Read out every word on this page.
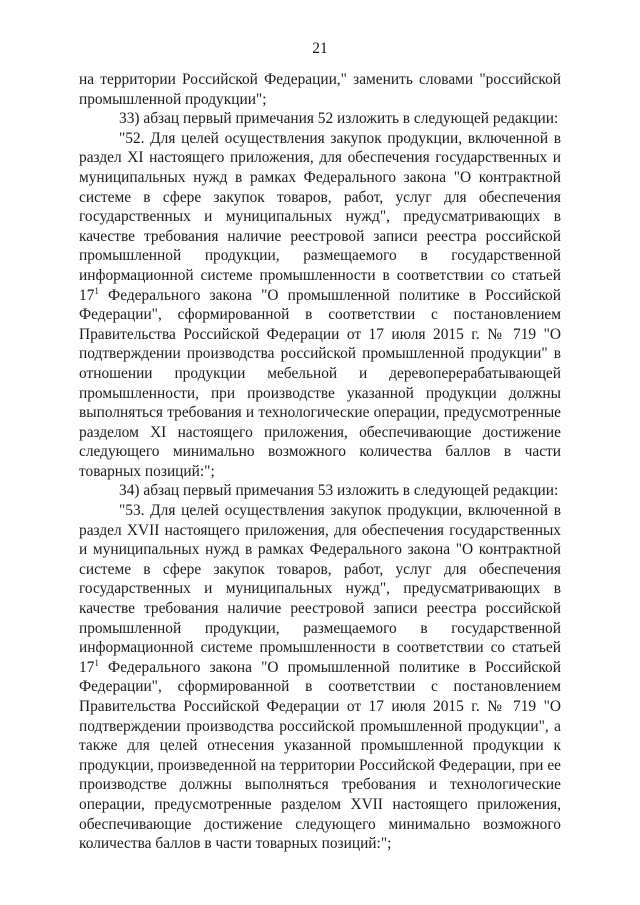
21

на территории Российской Федерации," заменить словами "российской промышленной продукции";

33) абзац первый примечания 52 изложить в следующей редакции:

"52. Для целей осуществления закупок продукции, включенной в раздел XI настоящего приложения, для обеспечения государственных и муниципальных нужд в рамках Федерального закона "О контрактной системе в сфере закупок товаров, работ, услуг для обеспечения государственных и муниципальных нужд", предусматривающих в качестве требования наличие реестровой записи реестра российской промышленной продукции, размещаемого в государственной информационной системе промышленности в соответствии со статьей $17^1$ Федерального закона "О промышленной политике в Российской Федерации", сформированной в соответствии с постановлением Правительства Российской Федерации от 17 июля 2015 г. № 719 "О подтверждении производства российской промышленной продукции" в отношении продукции мебельной и деревоперерабатывающей промышленности, при производстве указанной продукции должны выполняться требования и технологические операции, предусмотренные разделом XI настоящего приложения, обеспечивающие достижение следующего минимально возможного количества баллов в части товарных позиций:";

34) абзац первый примечания 53 изложить в следующей редакции:

"53. Для целей осуществления закупок продукции, включенной в раздел XVII настоящего приложения, для обеспечения государственных и муниципальных нужд в рамках Федерального закона "О контрактной системе в сфере закупок товаров, работ, услуг для обеспечения государственных и муниципальных нужд", предусматривающих в качестве требования наличие реестровой записи реестра российской промышленной продукции, размещаемого в государственной информационной системе промышленности в соответствии со статьей $17^1$ Федерального закона "О промышленной политике в Российской Федерации", сформированной в соответствии с постановлением Правительства Российской Федерации от 17 июля 2015 г. № 719 "О подтверждении производства российской промышленной продукции", а также для целей отнесения указанной промышленной продукции к продукции, произведенной на территории Российской Федерации, при ее производстве должны выполняться требования и технологические операции, предусмотренные разделом XVII настоящего приложения, обеспечивающие достижение следующего минимально возможного количества баллов в части товарных позиций:";
